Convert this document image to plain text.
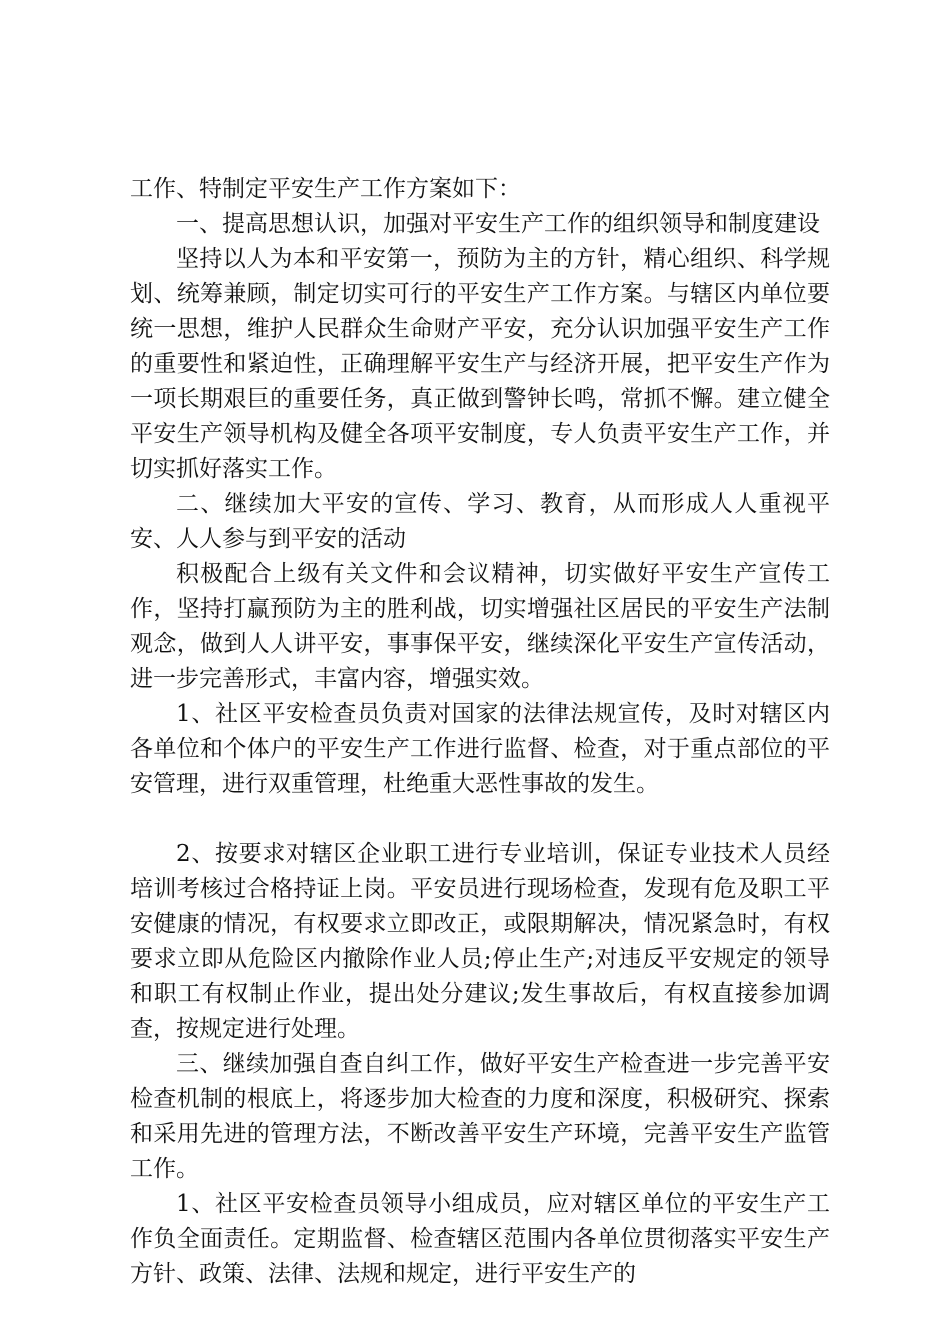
工作、特制定平安生产工作方案如下：

一、提高思想认识，加强对平安生产工作的组织领导和制度建设

坚持以人为本和平安第一，预防为主的方针，精心组织、科学规划、统筹兼顾，制定切实可行的平安生产工作方案。与辖区内单位要统一思想，维护人民群众生命财产平安，充分认识加强平安生产工作的重要性和紧迫性，正确理解平安生产与经济开展，把平安生产作为一项长期艰巨的重要任务，真正做到警钟长鸣，常抓不懈。建立健全平安生产领导机构及健全各项平安制度，专人负责平安生产工作，并切实抓好落实工作。

二、继续加大平安的宣传、学习、教育，从而形成人人重视平安、人人参与到平安的活动

积极配合上级有关文件和会议精神，切实做好平安生产宣传工作，坚持打赢预防为主的胜利战，切实增强社区居民的平安生产法制观念，做到人人讲平安，事事保平安，继续深化平安生产宣传活动，进一步完善形式，丰富内容，增强实效。

1、社区平安检查员负责对国家的法律法规宣传，及时对辖区内各单位和个体户的平安生产工作进行监督、检查，对于重点部位的平安管理，进行双重管理，杜绝重大恶性事故的发生。

2、按要求对辖区企业职工进行专业培训，保证专业技术人员经培训考核过合格持证上岗。平安员进行现场检查，发现有危及职工平安健康的情况，有权要求立即改正，或限期解决，情况紧急时，有权要求立即从危险区内撤除作业人员;停止生产;对违反平安规定的领导和职工有权制止作业，提出处分建议;发生事故后，有权直接参加调查，按规定进行处理。

三、继续加强自查自纠工作，做好平安生产检查进一步完善平安检查机制的根底上，将逐步加大检查的力度和深度，积极研究、探索和采用先进的管理方法，不断改善平安生产环境，完善平安生产监管工作。

1、社区平安检查员领导小组成员，应对辖区单位的平安生产工作负全面责任。定期监督、检查辖区范围内各单位贯彻落实平安生产方针、政策、法律、法规和规定，进行平安生产的
